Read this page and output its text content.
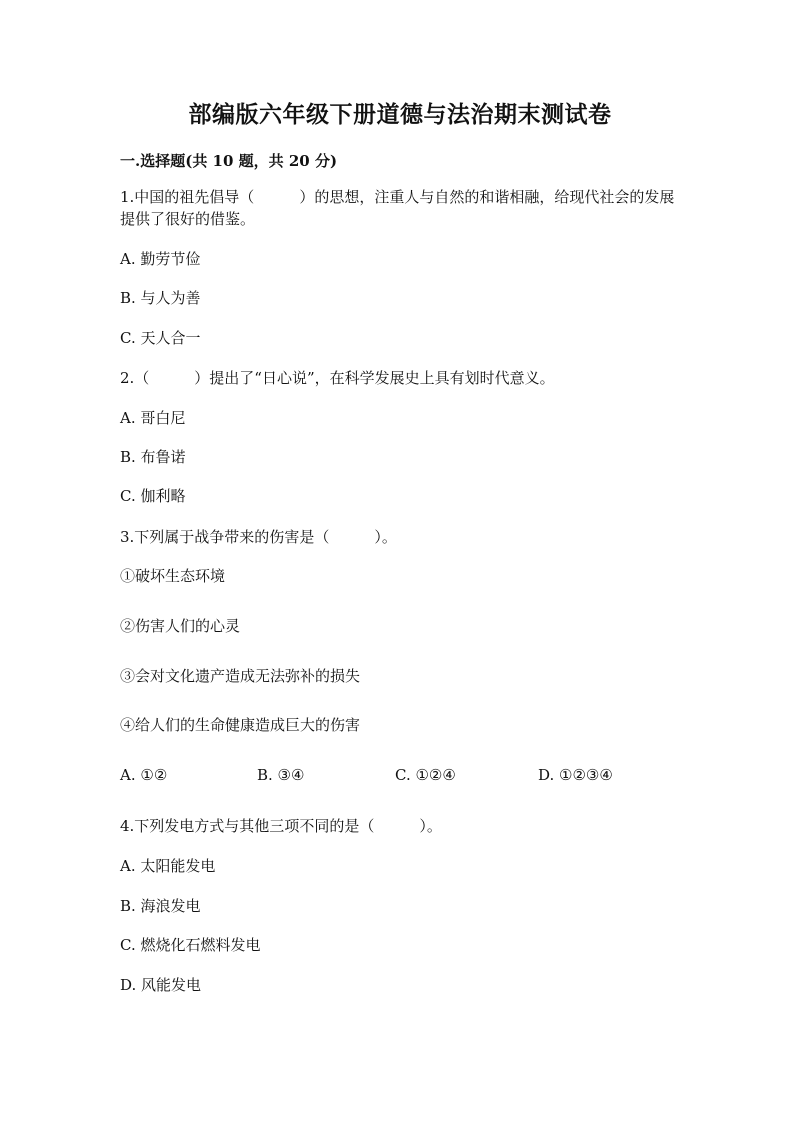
部编版六年级下册道德与法治期末测试卷
一.选择题(共 10 题，共 20 分)
1.中国的祖先倡导（　　　）的思想，注重人与自然的和谐相融，给现代社会的发展提供了很好的借鉴。
A. 勤劳节俭
B. 与人为善
C. 天人合一
2.（　　　）提出了“日心说”，在科学发展史上具有划时代意义。
A. 哥白尼
B. 布鲁诺
C. 伽利略
3.下列属于战争带来的伤害是（　　　）。
①破坏生态环境
②伤害人们的心灵
③会对文化遗产造成无法弥补的损失
④给人们的生命健康造成巨大的伤害
A. ①②	B. ③④	C. ①②④	D. ①②③④
4.下列发电方式与其他三项不同的是（　　　）。
A. 太阳能发电
B. 海浪发电
C. 燃烧化石燃料发电
D. 风能发电
